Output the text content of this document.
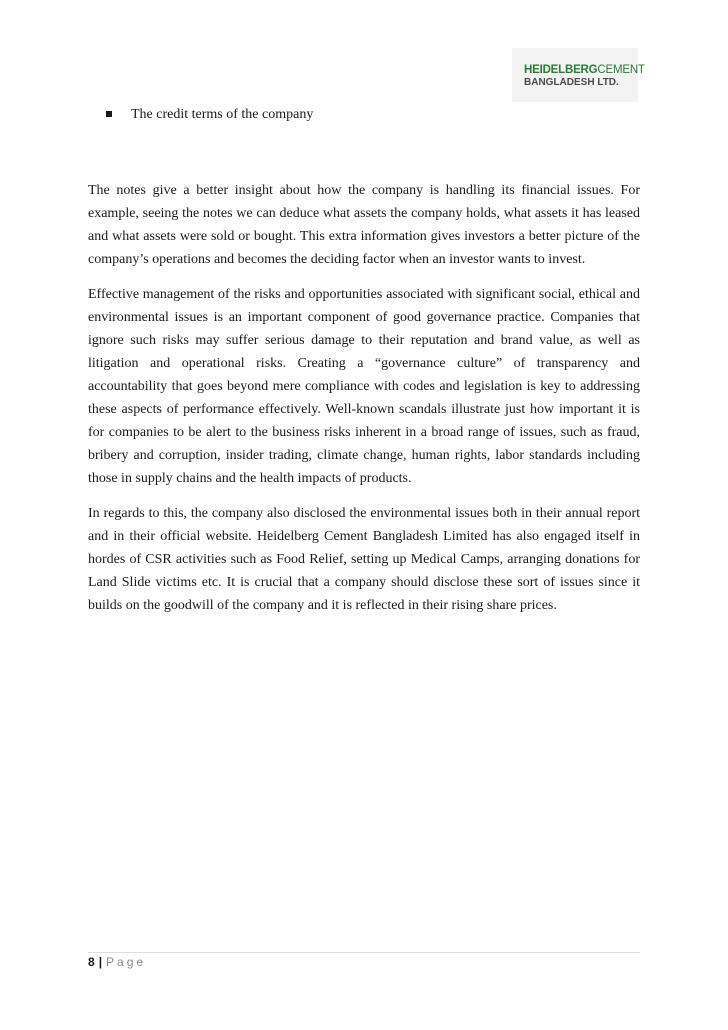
HEIDELBERGCEMENT
BANGLADESH LTD.
The credit terms of the company

The notes give a better insight about how the company is handling its financial issues. For example, seeing the notes we can deduce what assets the company holds, what assets it has leased and what assets were sold or bought. This extra information gives investors a better picture of the company’s operations and becomes the deciding factor when an investor wants to invest.

Effective management of the risks and opportunities associated with significant social, ethical and environmental issues is an important component of good governance practice. Companies that ignore such risks may suffer serious damage to their reputation and brand value, as well as litigation and operational risks. Creating a “governance culture” of transparency and accountability that goes beyond mere compliance with codes and legislation is key to addressing these aspects of performance effectively. Well-known scandals illustrate just how important it is for companies to be alert to the business risks inherent in a broad range of issues, such as fraud, bribery and corruption, insider trading, climate change, human rights, labor standards including those in supply chains and the health impacts of products.

In regards to this, the company also disclosed the environmental issues both in their annual report and in their official website. Heidelberg Cement Bangladesh Limited has also engaged itself in hordes of CSR activities such as Food Relief, setting up Medical Camps, arranging donations for Land Slide victims etc. It is crucial that a company should disclose these sort of issues since it builds on the goodwill of the company and it is reflected in their rising share prices.

8 | Page
